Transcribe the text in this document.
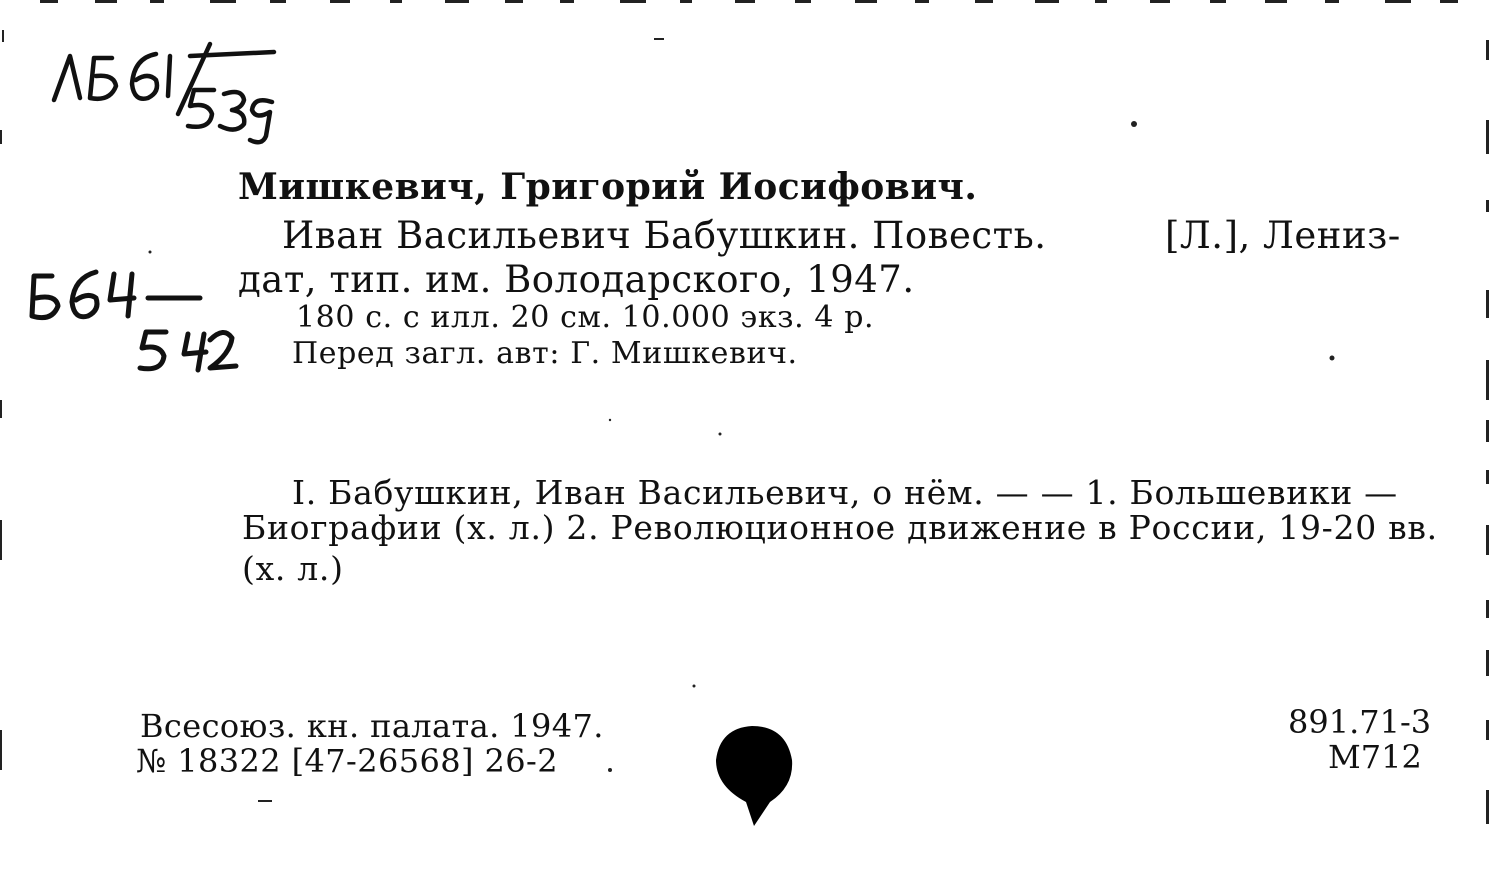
Мишкевич, Григорий Иосифович.
Иван Васильевич Бабушкин. Повесть.	[Л.], Лениз-
дат, тип. им. Володарского, 1947.
180 с. с илл. 20 см. 10.000 экз. 4 р.
Перед загл. авт: Г. Мишкевич.
I. Бабушкин, Иван Васильевич, о нём. — — 1. Большевики —
Биографии (х. л.) 2. Революционное движение в России, 19-20 вв.
(х. л.)
Всесоюз. кн. палата. 1947.
№ 18322 [47-26568] 26-2
891.71-3
М712
